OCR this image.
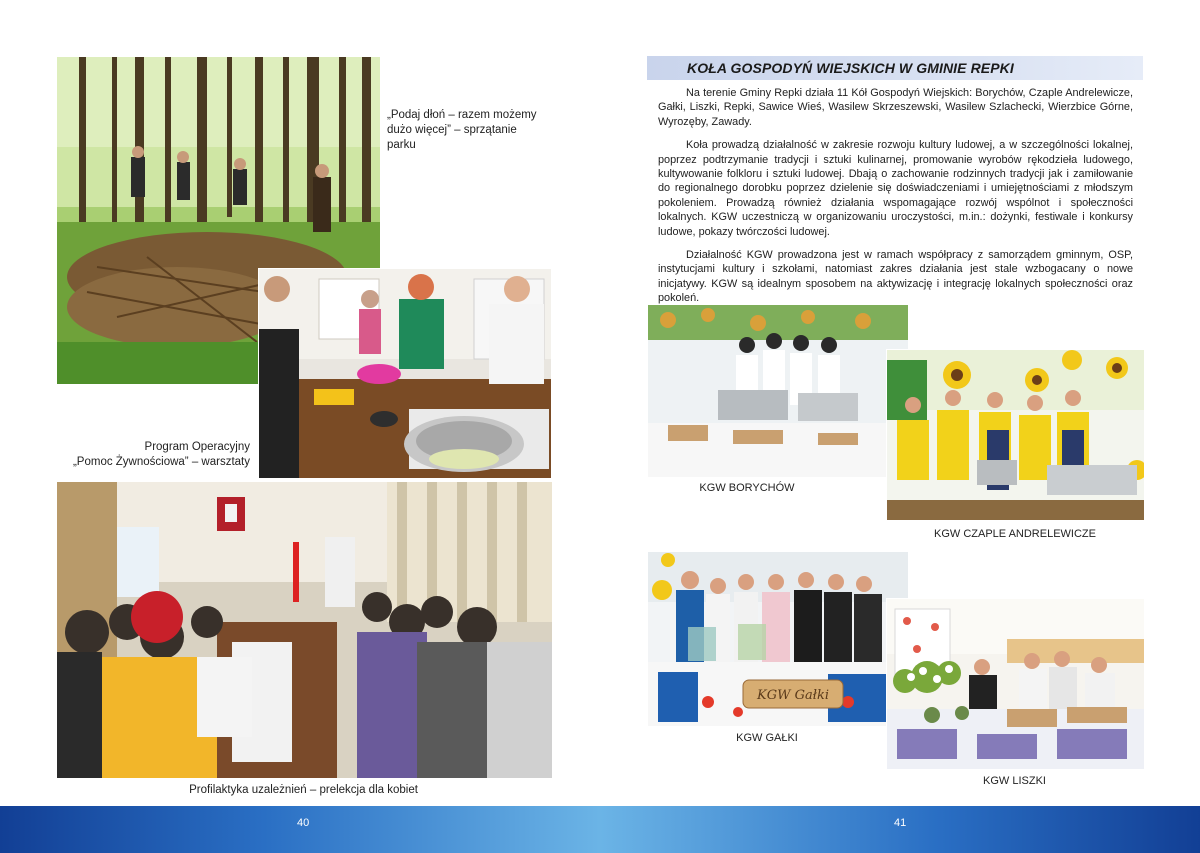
„Podaj dłoń – razem możemy dużo więcej” – sprzątanie parku
Program Operacyjny
„Pomoc Żywnościowa” – warsztaty
Profilaktyka uzależnień – prelekcja dla kobiet
KOŁA GOSPODYŃ WIEJSKICH W GMINIE REPKI

Na terenie Gminy Repki działa 11 Kół Gospodyń Wiejskich: Borychów, Czaple Andrelewicze, Gałki, Liszki, Repki, Sawice Wieś, Wasilew Skrzeszewski, Wasilew Szlachecki, Wierzbice Górne, Wyrozęby, Zawady.

Koła prowadzą działalność w zakresie rozwoju kultury ludowej, a w szczególności lokalnej, poprzez podtrzymanie tradycji i sztuki kulinarnej, promowanie wyrobów rękodzieła ludowego, kultywowanie folkloru i sztuki ludowej. Dbają o zachowanie rodzinnych tradycji jak i zamiłowanie do regionalnego dorobku poprzez dzielenie się doświadczeniami i umiejętnościami z młodszym pokoleniem. Prowadzą również działania wspomagające rozwój wspólnot i społeczności lokalnych. KGW uczestniczą w organizowaniu uroczystości, m.in.: dożynki, festiwale i konkursy ludowe, pokazy twórczości ludowej.

Działalność KGW prowadzona jest w ramach współpracy z samorządem gminnym, OSP, instytucjami kultury i szkołami, natomiast zakres działania jest stale wzbogacany o nowe inicjatywy. KGW są idealnym sposobem na aktywizację i integrację lokalnych społeczności oraz pokoleń.

KGW BORYCHÓW
KGW CZAPLE ANDRELEWICZE
KGW Gałki
KGW GAŁKI
KGW LISZKI
40	41
